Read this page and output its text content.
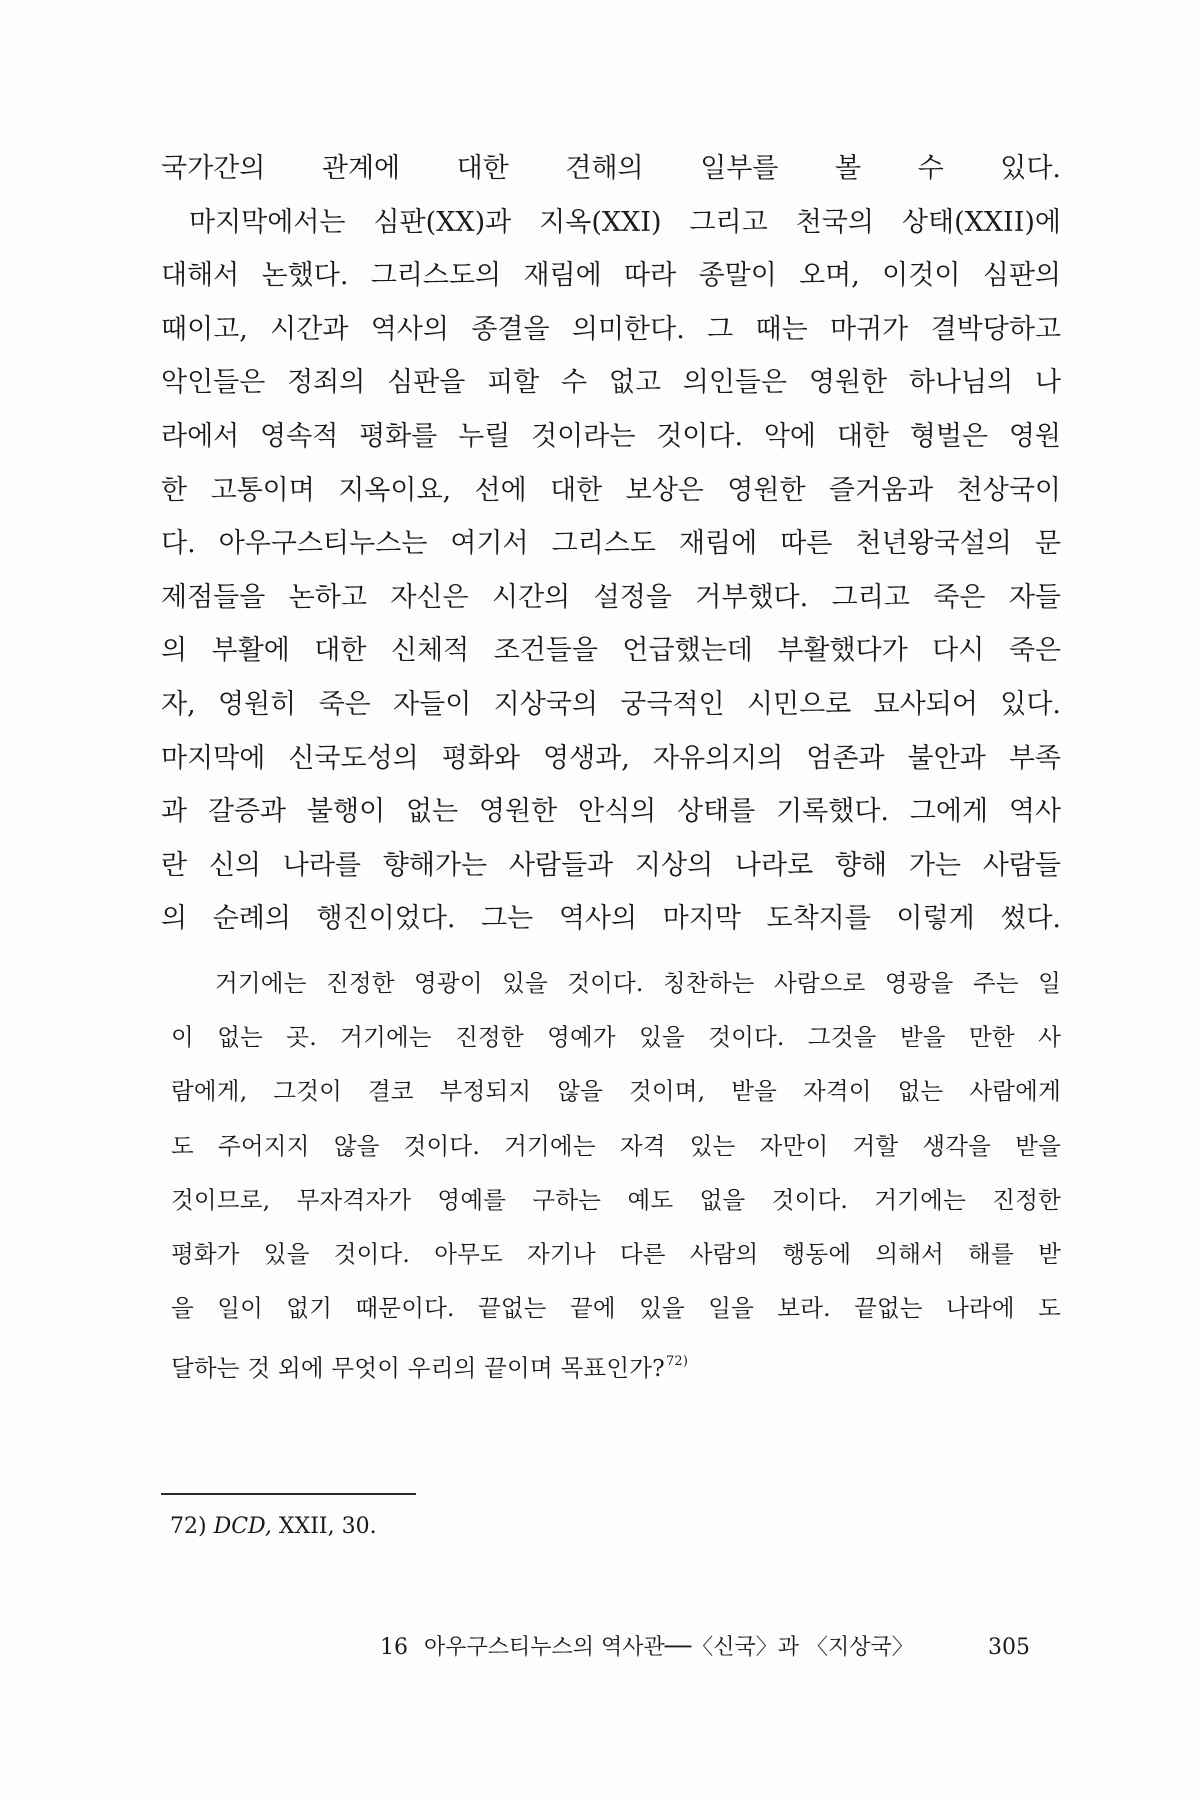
국가간의 관계에 대한 견해의 일부를 볼 수 있다.
마지막에서는 심판(XX)과 지옥(XXI) 그리고 천국의 상태(XXII)에
대해서 논했다. 그리스도의 재림에 따라 종말이 오며, 이것이 심판의
때이고, 시간과 역사의 종결을 의미한다. 그 때는 마귀가 결박당하고
악인들은 정죄의 심판을 피할 수 없고 의인들은 영원한 하나님의 나
라에서 영속적 평화를 누릴 것이라는 것이다. 악에 대한 형벌은 영원
한 고통이며 지옥이요, 선에 대한 보상은 영원한 즐거움과 천상국이
다. 아우구스티누스는 여기서 그리스도 재림에 따른 천년왕국설의 문
제점들을 논하고 자신은 시간의 설정을 거부했다. 그리고 죽은 자들
의 부활에 대한 신체적 조건들을 언급했는데 부활했다가 다시 죽은
자, 영원히 죽은 자들이 지상국의 궁극적인 시민으로 묘사되어 있다.
마지막에 신국도성의 평화와 영생과, 자유의지의 엄존과 불안과 부족
과 갈증과 불행이 없는 영원한 안식의 상태를 기록했다. 그에게 역사
란 신의 나라를 향해가는 사람들과 지상의 나라로 향해 가는 사람들
의 순례의 행진이었다. 그는 역사의 마지막 도착지를 이렇게 썼다.
거기에는 진정한 영광이 있을 것이다. 칭찬하는 사람으로 영광을 주는 일
이 없는 곳. 거기에는 진정한 영예가 있을 것이다. 그것을 받을 만한 사
람에게, 그것이 결코 부정되지 않을 것이며, 받을 자격이 없는 사람에게
도 주어지지 않을 것이다. 거기에는 자격 있는 자만이 거할 생각을 받을
것이므로, 무자격자가 영예를 구하는 예도 없을 것이다. 거기에는 진정한
평화가 있을 것이다. 아무도 자기나 다른 사람의 행동에 의해서 해를 받
을 일이 없기 때문이다. 끝없는 끝에 있을 일을 보라. 끝없는 나라에 도
달하는 것 외에 무엇이 우리의 끝이며 목표인가?$^{72)}$
72) DCD, XXII, 30.
16 아우구스티누스의 역사관──〈신국〉과 〈지상국〉	305
